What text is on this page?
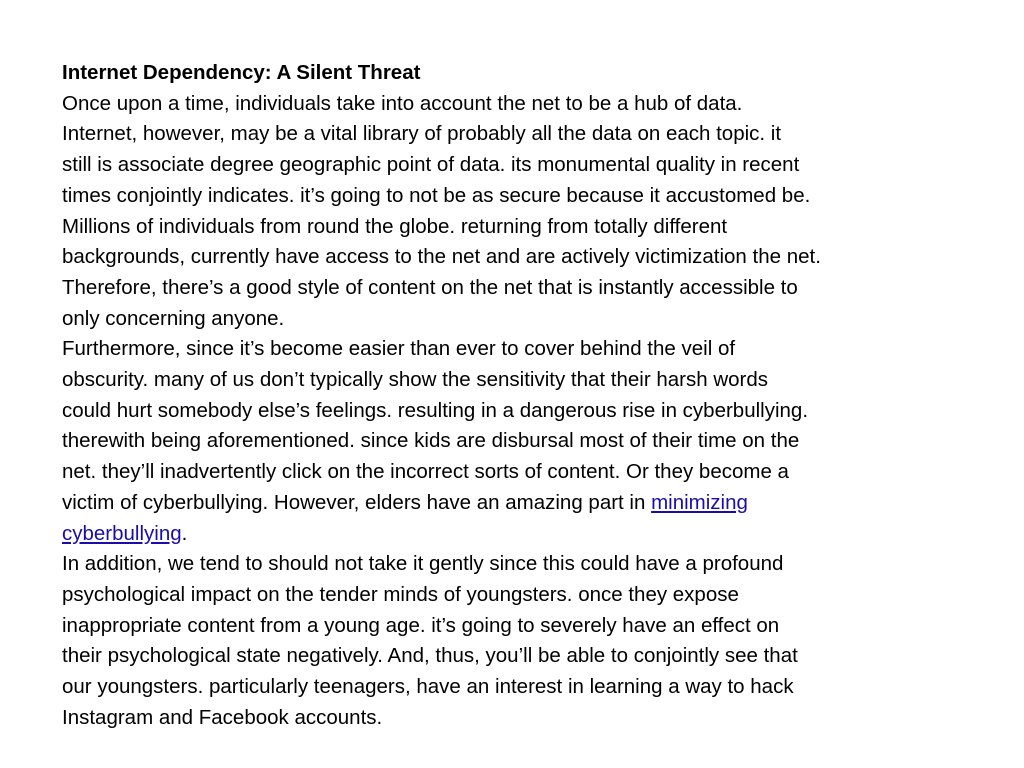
Internet Dependency: A Silent Threat
Once upon a time, individuals take into account the net to be a hub of data.
Internet, however, may be a vital library of probably all the data on each topic. it
still is associate degree geographic point of data. its monumental quality in recent
times conjointly indicates. it’s going to not be as secure because it accustomed be.
Millions of individuals from round the globe. returning from totally different
backgrounds, currently have access to the net and are actively victimization the net.
Therefore, there’s a good style of content on the net that is instantly accessible to
only concerning anyone.
Furthermore, since it’s become easier than ever to cover behind the veil of
obscurity. many of us don’t typically show the sensitivity that their harsh words
could hurt somebody else’s feelings. resulting in a dangerous rise in cyberbullying.
therewith being aforementioned. since kids are disbursal most of their time on the
net. they’ll inadvertently click on the incorrect sorts of content. Or they become a
victim of cyberbullying. However, elders have an amazing part in minimizing
cyberbullying.
In addition, we tend to should not take it gently since this could have a profound
psychological impact on the tender minds of youngsters. once they expose
inappropriate content from a young age. it’s going to severely have an effect on
their psychological state negatively. And, thus, you’ll be able to conjointly see that
our youngsters. particularly teenagers, have an interest in learning a way to hack
Instagram and Facebook accounts.
